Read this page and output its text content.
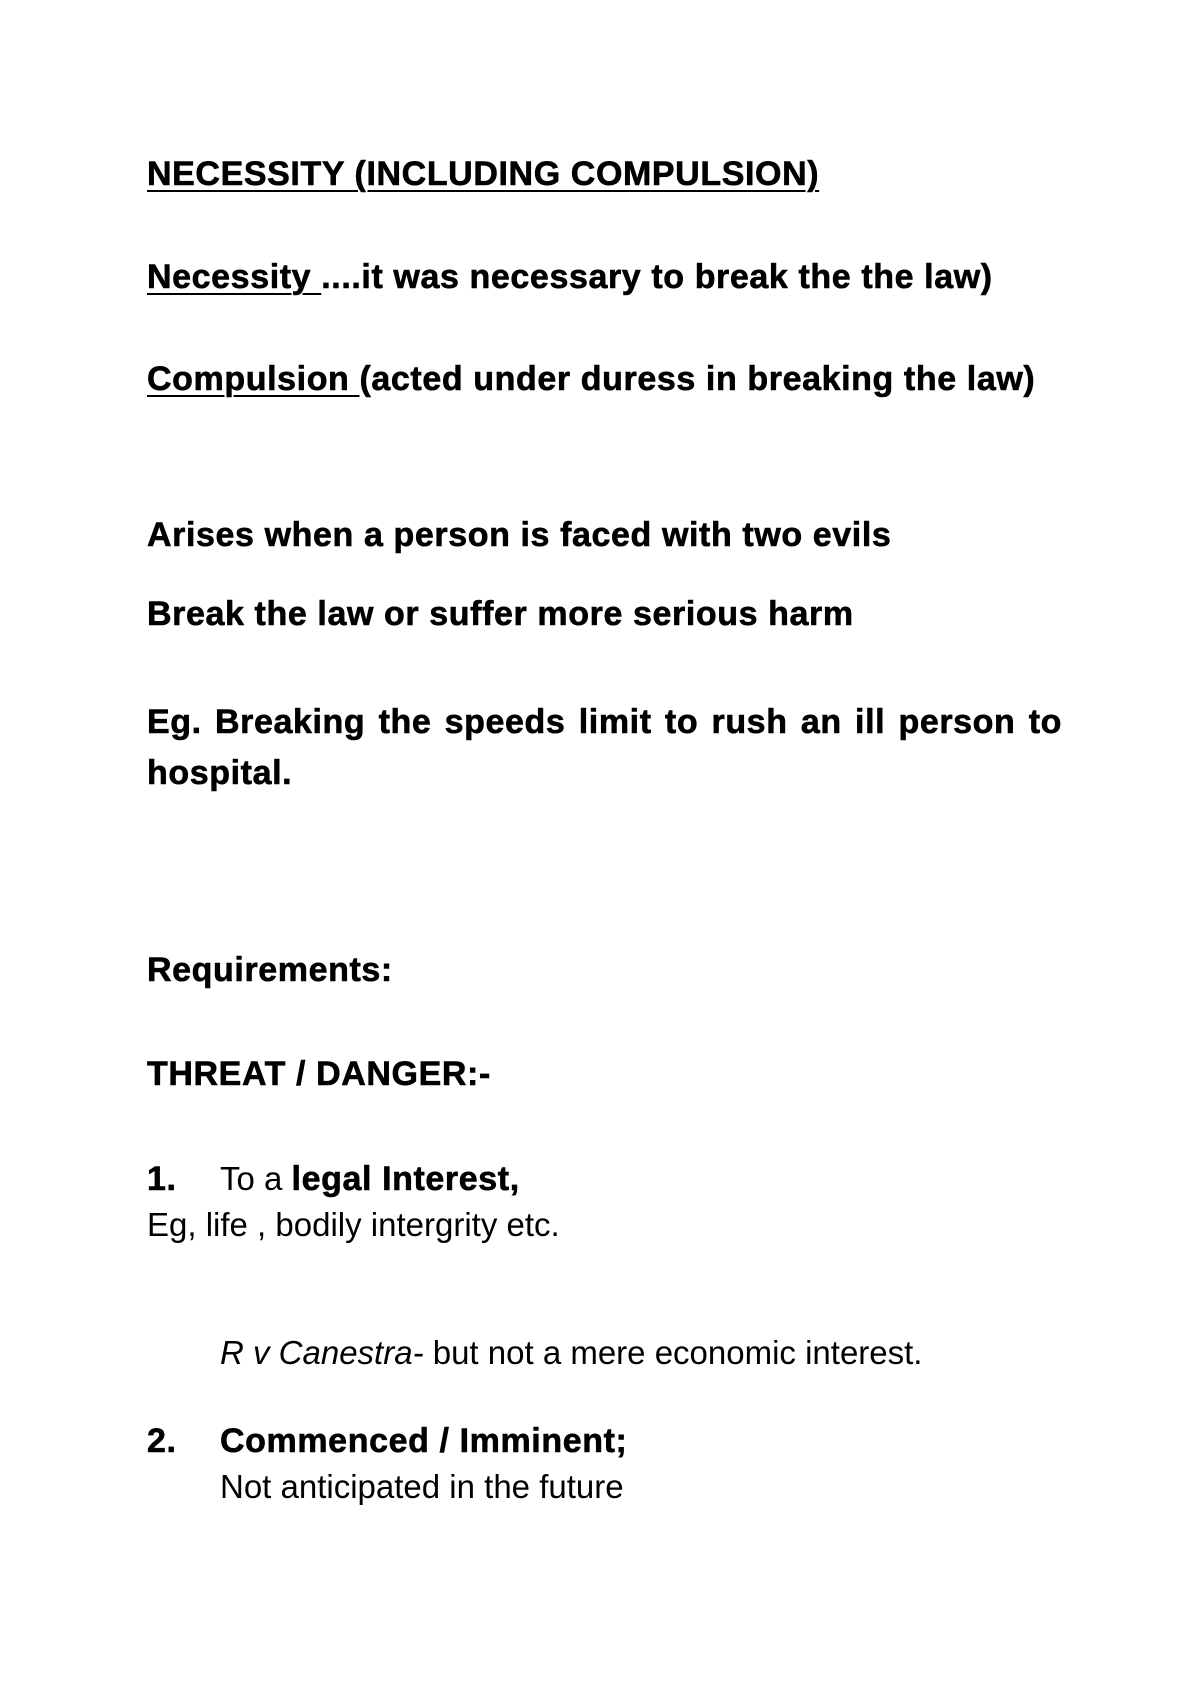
NECESSITY (INCLUDING COMPULSION)
Necessity ....it was necessary to break the the law)
Compulsion (acted under duress in breaking the law)
Arises when a person is faced with two evils
Break the law or suffer more serious harm
Eg. Breaking the speeds limit to rush an ill person to hospital.
Requirements:
THREAT / DANGER:-
1. To a legal Interest,
Eg, life , bodily intergrity etc.
R v Canestra- but not a mere economic interest.
2. Commenced / Imminent;
Not anticipated in the future
